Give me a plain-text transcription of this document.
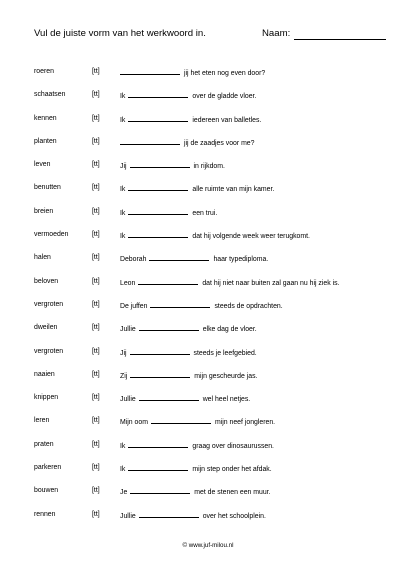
Vul de juiste vorm van het werkwoord in.	Naam:
roeren	[tt]	jij het eten nog even door?
schaatsen	[tt]	Ik	over de gladde vloer.
kennen	[tt]	Ik	iedereen van balletles.
planten	[tt]	jij de zaadjes voor me?
leven	[tt]	Jij	in rijkdom.
benutten	[tt]	Ik	alle ruimte van mijn kamer.
breien	[tt]	Ik	een trui.
vermoeden	[tt]	Ik	dat hij volgende week weer terugkomt.
halen	[tt]	Deborah	haar typediploma.
beloven	[tt]	Leon	dat hij niet naar buiten zal gaan nu hij ziek is.
vergroten	[tt]	De juffen	steeds de opdrachten.
dweilen	[tt]	Jullie	elke dag de vloer.
vergroten	[tt]	Jij	steeds je leefgebied.
naaien	[tt]	Zij	mijn gescheurde jas.
knippen	[tt]	Jullie	wel heel netjes.
leren	[tt]	Mijn oom	mijn neef jongleren.
praten	[tt]	Ik	graag over dinosaurussen.
parkeren	[tt]	Ik	mijn step onder het afdak.
bouwen	[tt]	Je	met de stenen een muur.
rennen	[tt]	Jullie	over het schoolplein.
© www.juf-milou.nl
